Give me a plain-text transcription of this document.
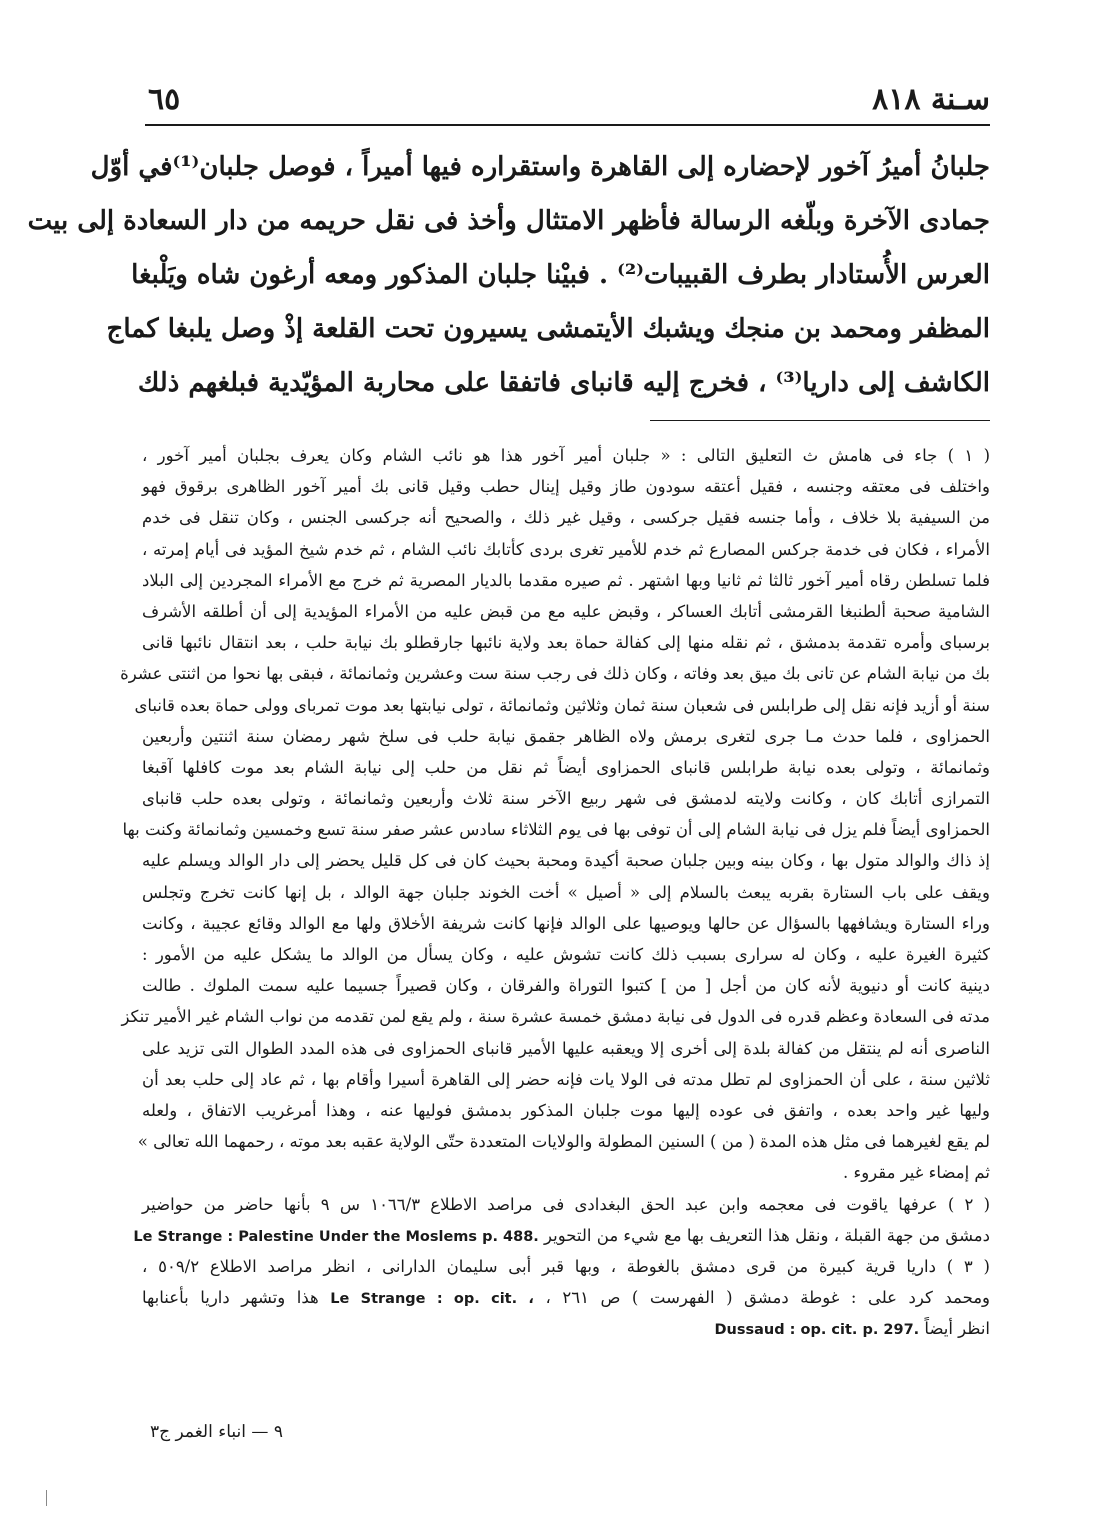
٦٥	سـنة ٨١٨

جلبانُ أميرُ آخور لإحضاره إلى القاهرة واستقراره فيها أميراً ، فوصل جلبان⁽¹⁾في أوّل

جمادى الآخرة وبلّغه الرسالة فأظهر الامتثال وأخذ فى نقل حريمه من دار السعادة إلى بيت

العرس الأُستادار بطرف القبيبات⁽²⁾ . فبيْنا جلبان المذكور ومعه أرغون شاه ويَلْبغا

المظفر ومحمد بن منجك ويشبك الأيتمشى يسيرون تحت القلعة إذْ وصل يلبغا كماج

الكاشف إلى داريا⁽³⁾ ، فخرج إليه قانباى فاتفقا على محاربة المؤيّدية فبلغهم ذلك

( ١ ) جاء فى هامش ث التعليق التالى : « جلبان أمير آخور هذا هو نائب الشام وكان يعرف بجلبان أمير آخور ،

واختلف فى معتقه وجنسه ، فقيل أعتقه سودون طاز وقيل إينال حطب وقيل قانى بك أمير آخور الظاهرى برقوق فهو

من السيفية بلا خلاف ، وأما جنسه فقيل جركسى ، وقيل غير ذلك ، والصحيح أنه جركسى الجنس ، وكان تنقل فى خدم

الأمراء ، فكان فى خدمة جركس المصارع ثم خدم للأمير تغرى بردى كأتابك نائب الشام ، ثم خدم شيخ المؤيد فى أيام إمرته ،

فلما تسلطن رقاه أمير آخور ثالثا ثم ثانيا وبها اشتهر . ثم صيره مقدما بالديار المصرية ثم خرج مع الأمراء المجردين إلى البلاد

الشامية صحبة ألطنبغا القرمشى أتابك العساكر ، وقبض عليه مع من قبض عليه من الأمراء المؤيدية إلى أن أطلقه الأشرف

برسباى وأمره تقدمة بدمشق ، ثم نقله منها إلى كفالة حماة بعد ولاية نائبها جارقطلو بك نيابة حلب ، بعد انتقال نائبها قانى

بك من نيابة الشام عن تانى بك ميق بعد وفاته ، وكان ذلك فى رجب سنة ست وعشرين وثمانمائة ، فبقى بها نحوا من اثنتى عشرة

سنة أو أزيد فإنه نقل إلى طرابلس فى شعبان سنة ثمان وثلاثين وثمانمائة ، تولى نيابتها بعد موت تمرباى وولى حماة بعده قانباى

الحمزاوى ، فلما حدث مـا جرى لتغرى برمش ولاه الظاهر جقمق نيابة حلب فى سلخ شهر رمضان سنة اثنتين وأربعين

وثمانمائة ، وتولى بعده نيابة طرابلس قانباى الحمزاوى أيضاً ثم نقل من حلب إلى نيابة الشام بعد موت كافلها آقبغا

التمرازى أتابك كان ، وكانت ولايته لدمشق فى شهر ربيع الآخر سنة ثلاث وأربعين وثمانمائة ، وتولى بعده حلب قانباى

الحمزاوى أيضاً فلم يزل فى نيابة الشام إلى أن توفى بها فى يوم الثلاثاء سادس عشر صفر سنة تسع وخمسين وثمانمائة وكنت بها

إذ ذاك والوالد متول بها ، وكان بينه وبين جلبان صحبة أكيدة ومحبة بحيث كان فى كل قليل يحضر إلى دار الوالد ويسلم عليه

ويقف على باب الستارة بقربه يبعث بالسلام إلى « أصيل » أخت الخوند جلبان جهة الوالد ، بل إنها كانت تخرج وتجلس

وراء الستارة ويشافهها بالسؤال عن حالها ويوصيها على الوالد فإنها كانت شريفة الأخلاق ولها مع الوالد وقائع عجيبة ، وكانت

كثيرة الغيرة عليه ، وكان له سرارى بسبب ذلك كانت تشوش عليه ، وكان يسأل من الوالد ما يشكل عليه من الأمور :

دينية كانت أو دنيوية لأنه كان من أجل [ من ] كتبوا التوراة والفرقان ، وكان قصيراً جسيما عليه سمت الملوك . طالت

مدته فى السعادة وعظم قدره فى الدول فى نيابة دمشق خمسة عشرة سنة ، ولم يقع لمن تقدمه من نواب الشام غير الأمير تنكز

الناصرى أنه لم ينتقل من كفالة بلدة إلى أخرى إلا ويعقبه عليها الأمير قانباى الحمزاوى فى هذه المدد الطوال التى تزيد على

ثلاثين سنة ، على أن الحمزاوى لم تطل مدته فى الولا يات فإنه حضر إلى القاهرة أسيرا وأقام بها ، ثم عاد إلى حلب بعد أن

وليها غير واحد بعده ، واتفق فى عوده إليها موت جلبان المذكور بدمشق فوليها عنه ، وهذا أمرغريب الاتفاق ، ولعله

لم يقع لغيرهما فى مثل هذه المدة ( من ) السنين المطولة والولايات المتعددة حتّى الولاية عقبه بعد موته ، رحمهما الله تعالى »

ثم إمضاء غير مقروء .

( ٢ ) عرفها ياقوت فى معجمه وابن عبد الحق البغدادى فى مراصد الاطلاع ١٠٦٦/٣ س ٩ بأنها حاضر من حواضير

دمشق من جهة القبلة ، ونقل هذا التعريف بها مع شيء من التحوير Le Strange : Palestine Under the Moslems p. 488.

( ٣ ) داريا قرية كبيرة من قرى دمشق بالغوطة ، وبها قبر أبى سليمان الدارانى ، انظر مراصد الاطلاع ٥٠٩/٢ ،

ومحمد كرد على : غوطة دمشق ( الفهرست ) ص ٢٦١ ، Le Strange : op. cit. ، هذا وتشهر داريا بأعنابها

انظر أيضاً Dussaud : op. cit. p. 297.

٩ — انباء الغمر ج٣
